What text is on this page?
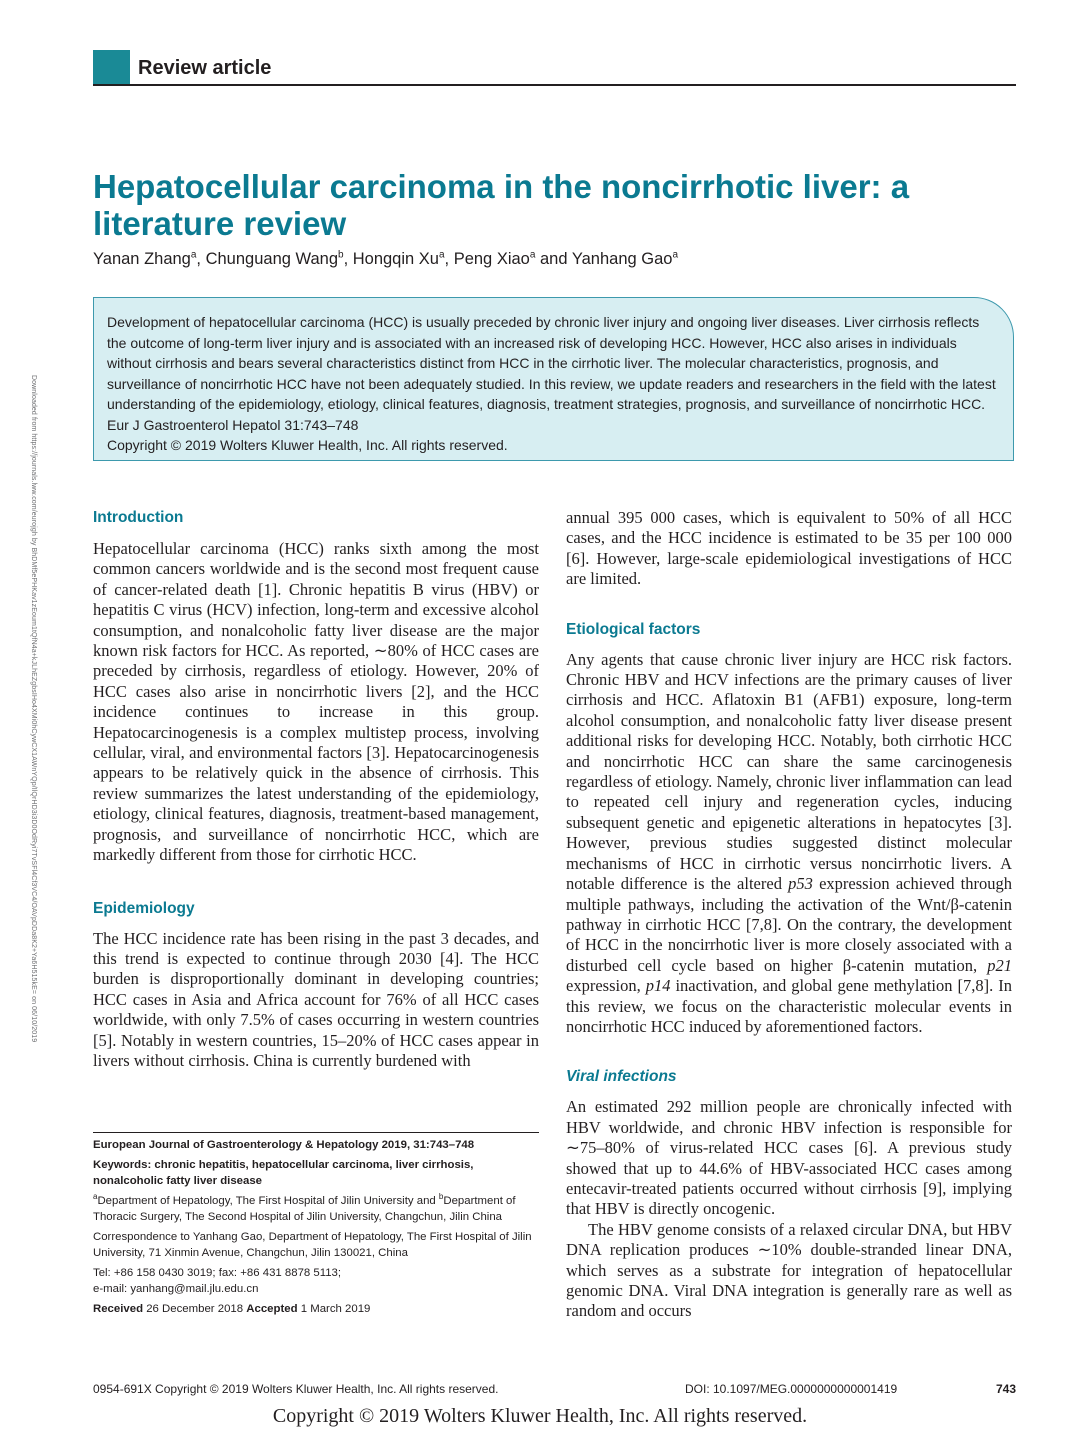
Downloaded from https://journals.lww.com/eurojgh by BhDMf5ePHKav1zEoum1tQfN4a+kJLhEZgbsIHo4XMi0hCywCX1AWnYQp/IlQrHD3i3D0OdRyi7TvSFl4Cf3VC4/OAVpDDa8K2+Ya6H515kE= on 06/10/2019
Review article
Hepatocellular carcinoma in the noncirrhotic liver: a literature review
Yanan Zhang$^a$, Chunguang Wang$^b$, Hongqin Xu$^a$, Peng Xiao$^a$ and Yanhang Gao$^a$
Development of hepatocellular carcinoma (HCC) is usually preceded by chronic liver injury and ongoing liver diseases. Liver cirrhosis reflects the outcome of long-term liver injury and is associated with an increased risk of developing HCC. However, HCC also arises in individuals without cirrhosis and bears several characteristics distinct from HCC in the cirrhotic liver. The molecular characteristics, prognosis, and surveillance of noncirrhotic HCC have not been adequately studied. In this review, we update readers and researchers in the field with the latest understanding of the epidemiology, etiology, clinical features, diagnosis, treatment strategies, prognosis, and surveillance of noncirrhotic HCC. Eur J Gastroenterol Hepatol 31:743–748
Copyright © 2019 Wolters Kluwer Health, Inc. All rights reserved.
Introduction

Hepatocellular carcinoma (HCC) ranks sixth among the most common cancers worldwide and is the second most frequent cause of cancer-related death [1]. Chronic hepatitis B virus (HBV) or hepatitis C virus (HCV) infection, long-term and excessive alcohol consumption, and nonalcoholic fatty liver disease are the major known risk factors for HCC. As reported, ∼80% of HCC cases are preceded by cirrhosis, regardless of etiology. However, 20% of HCC cases also arise in noncirrhotic livers [2], and the HCC incidence continues to increase in this group. Hepatocarcinogenesis is a complex multistep process, involving cellular, viral, and environmental factors [3]. Hepatocarcinogenesis appears to be relatively quick in the absence of cirrhosis. This review summarizes the latest understanding of the epidemiology, etiology, clinical features, diagnosis, treatment-based management, prognosis, and surveillance of noncirrhotic HCC, which are markedly different from those for cirrhotic HCC.

Epidemiology

The HCC incidence rate has been rising in the past 3 decades, and this trend is expected to continue through 2030 [4]. The HCC burden is disproportionally dominant in developing countries; HCC cases in Asia and Africa account for 76% of all HCC cases worldwide, with only 7.5% of cases occurring in western countries [5]. Notably in western countries, 15–20% of HCC cases appear in livers without cirrhosis. China is currently burdened with

European Journal of Gastroenterology & Hepatology 2019, 31:743–748
Keywords: chronic hepatitis, hepatocellular carcinoma, liver cirrhosis, nonalcoholic fatty liver disease
$^a$Department of Hepatology, The First Hospital of Jilin University and $^b$Department of Thoracic Surgery, The Second Hospital of Jilin University, Changchun, Jilin China
Correspondence to Yanhang Gao, Department of Hepatology, The First Hospital of Jilin University, 71 Xinmin Avenue, Changchun, Jilin 130021, China
Tel: +86 158 0430 3019; fax: +86 431 8878 5113;
e-mail: yanhang@mail.jlu.edu.cn
Received 26 December 2018 Accepted 1 March 2019

annual 395 000 cases, which is equivalent to 50% of all HCC cases, and the HCC incidence is estimated to be 35 per 100 000 [6]. However, large-scale epidemiological investigations of HCC are limited.

Etiological factors

Any agents that cause chronic liver injury are HCC risk factors. Chronic HBV and HCV infections are the primary causes of liver cirrhosis and HCC. Aflatoxin B1 (AFB1) exposure, long-term alcohol consumption, and nonalcoholic fatty liver disease present additional risks for developing HCC. Notably, both cirrhotic HCC and noncirrhotic HCC can share the same carcinogenesis regardless of etiology. Namely, chronic liver inflammation can lead to repeated cell injury and regeneration cycles, inducing subsequent genetic and epigenetic alterations in hepatocytes [3]. However, previous studies suggested distinct molecular mechanisms of HCC in cirrhotic versus noncirrhotic livers. A notable difference is the altered p53 expression achieved through multiple pathways, including the activation of the Wnt/β-catenin pathway in cirrhotic HCC [7,8]. On the contrary, the development of HCC in the noncirrhotic liver is more closely associated with a disturbed cell cycle based on higher β-catenin mutation, p21 expression, p14 inactivation, and global gene methylation [7,8]. In this review, we focus on the characteristic molecular events in noncirrhotic HCC induced by aforementioned factors.

Viral infections

An estimated 292 million people are chronically infected with HBV worldwide, and chronic HBV infection is responsible for ∼75–80% of virus-related HCC cases [6]. A previous study showed that up to 44.6% of HBV-associated HCC cases among entecavir-treated patients occurred without cirrhosis [9], implying that HBV is directly oncogenic.

The HBV genome consists of a relaxed circular DNA, but HBV DNA replication produces ∼10% double-stranded linear DNA, which serves as a substrate for integration of hepatocellular genomic DNA. Viral DNA integration is generally rare as well as random and occurs

0954-691X Copyright © 2019 Wolters Kluwer Health, Inc. All rights reserved.	DOI: 10.1097/MEG.0000000000001419	743
Copyright © 2019 Wolters Kluwer Health, Inc. All rights reserved.
